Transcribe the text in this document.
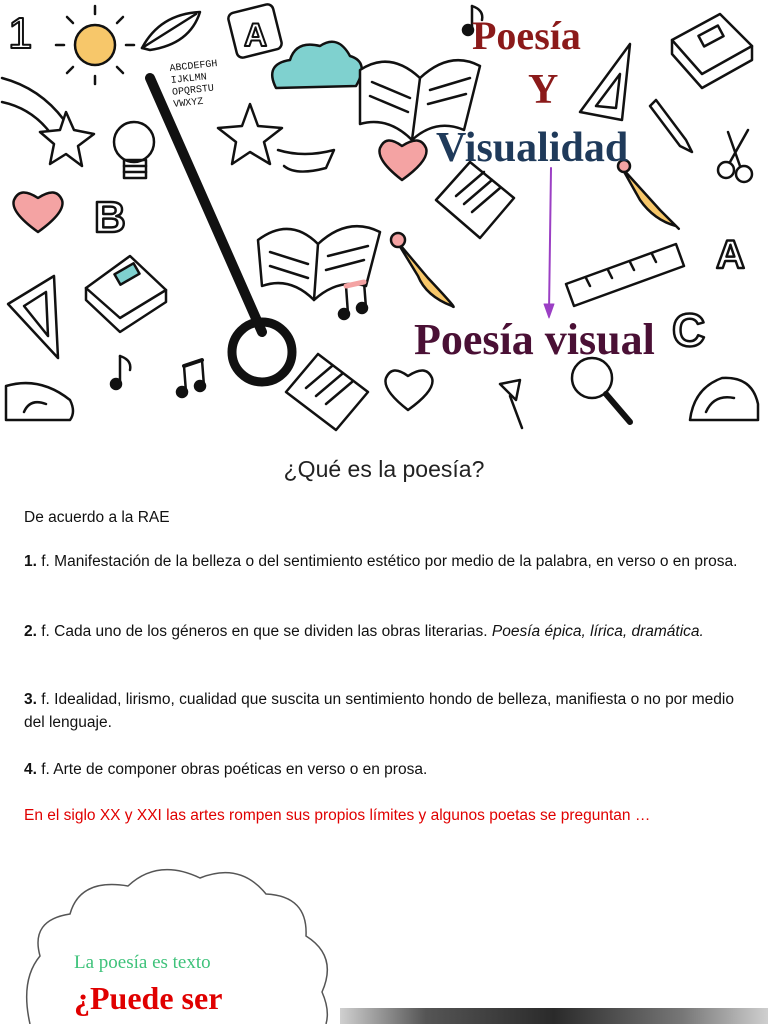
1	A
ABCDEFGH
IJKLMN
OPQRSTU
VWXYZ
B
A
C
Poesía
Y
Visualidad
Poesía visual
¿Qué es la poesía?
De acuerdo a la RAE
1. f. Manifestación de la belleza o del sentimiento estético por medio de la palabra, en verso o en prosa.
2. f. Cada uno de los géneros en que se dividen las obras literarias. Poesía épica, lírica, dramática.
3. f. Idealidad, lirismo, cualidad que suscita un sentimiento hondo de belleza, manifiesta o no por medio del lenguaje.
4. f. Arte de componer obras poéticas en verso o en prosa.
En el siglo XX y XXI las artes rompen sus propios límites y algunos poetas se preguntan …
La poesía es texto
¿Puede ser
